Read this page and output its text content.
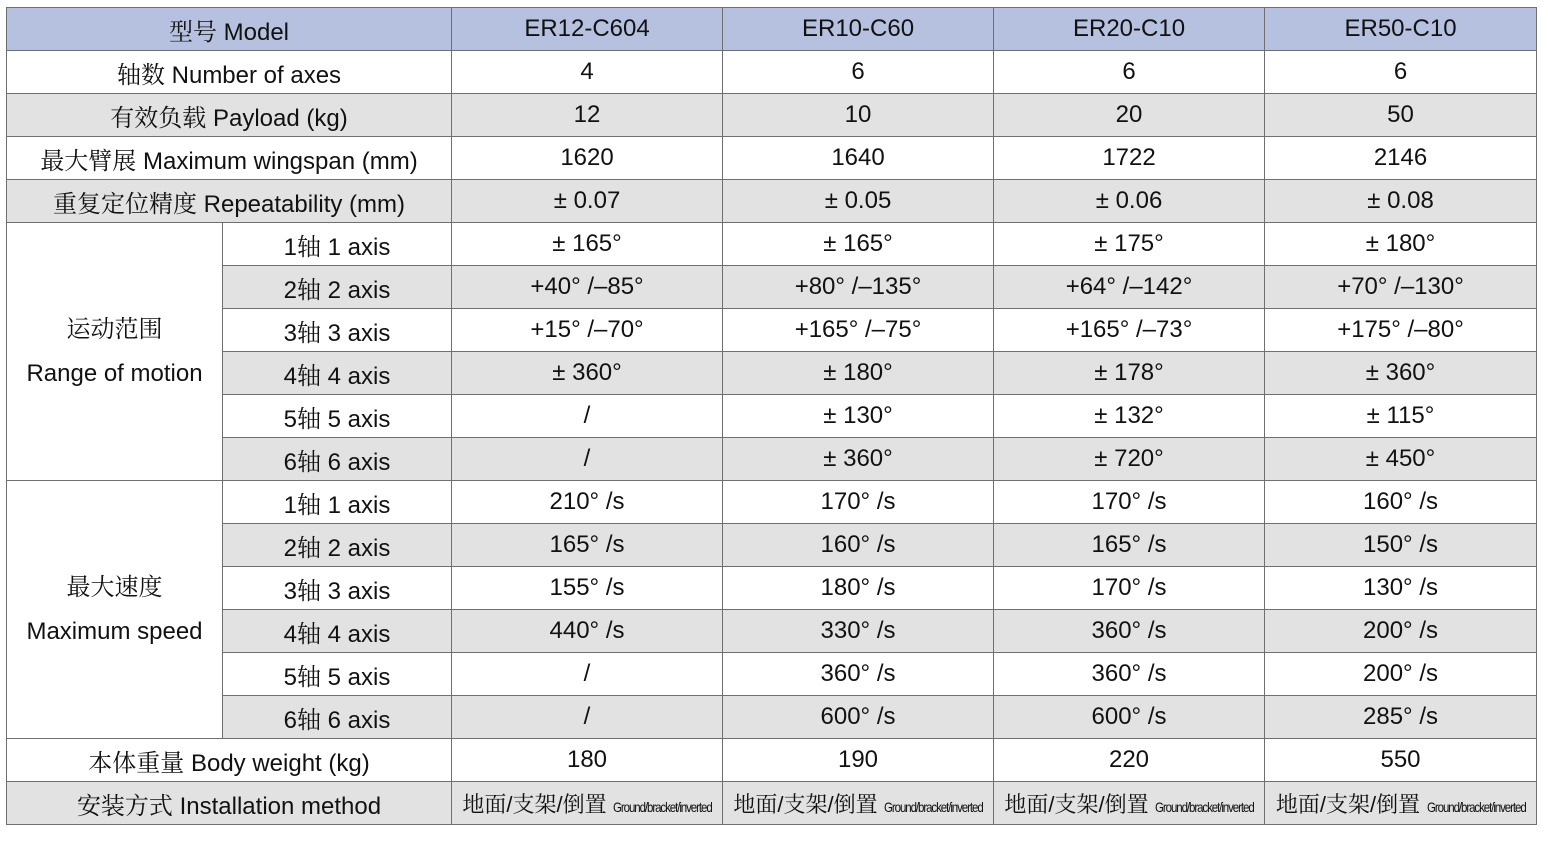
型号 Model		ER12-C604	ER10-C60	ER20-C10	ER50-C10
轴数 Number of axes		4	6	6	6
有效负载 Payload (kg)		12	10	20	50
最大臂展 Maximum wingspan (mm)		1620	1640	1722	2146
重复定位精度 Repeatability (mm)		± 0.07	± 0.05	± 0.06	± 0.08

运动范围
Range of motion	1轴 1 axis	± 165°	± 165°	± 175°	± 180°
	2轴 2 axis	+40° /–85°	+80° /–135°	+64° /–142°	+70° /–130°
	3轴 3 axis	+15° /–70°	+165° /–75°	+165° /–73°	+175° /–80°
	4轴 4 axis	± 360°	± 180°	± 178°	± 360°
	5轴 5 axis	/	± 130°	± 132°	± 115°
	6轴 6 axis	/	± 360°	± 720°	± 450°

最大速度
Maximum speed	1轴 1 axis	210° /s	170° /s	170° /s	160° /s
	2轴 2 axis	165° /s	160° /s	165° /s	150° /s
	3轴 3 axis	155° /s	180° /s	170° /s	130° /s
	4轴 4 axis	440° /s	330° /s	360° /s	200° /s
	5轴 5 axis	/	360° /s	360° /s	200° /s
	6轴 6 axis	/	600° /s	600° /s	285° /s
本体重量 Body weight (kg)		180	190	220	550
安装方式 Installation method		地面/支架/倒置 Ground/bracket/inverted	地面/支架/倒置 Ground/bracket/inverted	地面/支架/倒置 Ground/bracket/inverted	地面/支架/倒置 Ground/bracket/inverted
